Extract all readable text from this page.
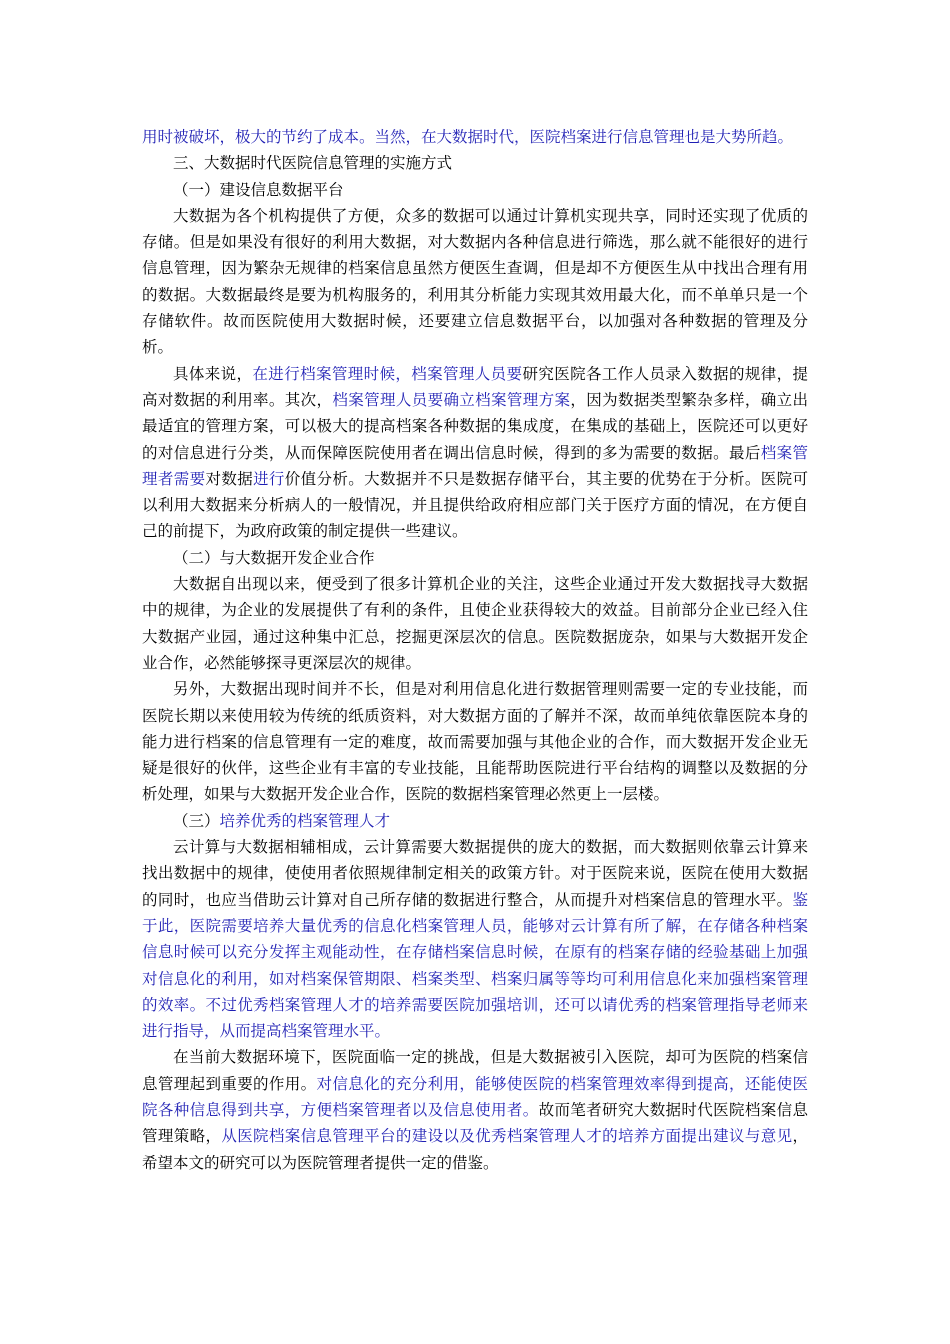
用时被破坏，极大的节约了成本。当然，在大数据时代，医院档案进行信息管理也是大势所趋。

三、大数据时代医院信息管理的实施方式

（一）建设信息数据平台

大数据为各个机构提供了方便，众多的数据可以通过计算机实现共享，同时还实现了优质的存储。但是如果没有很好的利用大数据，对大数据内各种信息进行筛选，那么就不能很好的进行信息管理，因为繁杂无规律的档案信息虽然方便医生查调，但是却不方便医生从中找出合理有用的数据。大数据最终是要为机构服务的，利用其分析能力实现其效用最大化，而不单单只是一个存储软件。故而医院使用大数据时候，还要建立信息数据平台，以加强对各种数据的管理及分析。

具体来说，在进行档案管理时候，档案管理人员要研究医院各工作人员录入数据的规律，提高对数据的利用率。其次，档案管理人员要确立档案管理方案，因为数据类型繁杂多样，确立出最适宜的管理方案，可以极大的提高档案各种数据的集成度，在集成的基础上，医院还可以更好的对信息进行分类，从而保障医院使用者在调出信息时候，得到的多为需要的数据。最后档案管理者需要对数据进行价值分析。大数据并不只是数据存储平台，其主要的优势在于分析。医院可以利用大数据来分析病人的一般情况，并且提供给政府相应部门关于医疗方面的情况，在方便自己的前提下，为政府政策的制定提供一些建议。

（二）与大数据开发企业合作

大数据自出现以来，便受到了很多计算机企业的关注，这些企业通过开发大数据找寻大数据中的规律，为企业的发展提供了有利的条件，且使企业获得较大的效益。目前部分企业已经入住大数据产业园，通过这种集中汇总，挖掘更深层次的信息。医院数据庞杂，如果与大数据开发企业合作，必然能够探寻更深层次的规律。

另外，大数据出现时间并不长，但是对利用信息化进行数据管理则需要一定的专业技能，而医院长期以来使用较为传统的纸质资料，对大数据方面的了解并不深，故而单纯依靠医院本身的能力进行档案的信息管理有一定的难度，故而需要加强与其他企业的合作，而大数据开发企业无疑是很好的伙伴，这些企业有丰富的专业技能，且能帮助医院进行平台结构的调整以及数据的分析处理，如果与大数据开发企业合作，医院的数据档案管理必然更上一层楼。

（三）培养优秀的档案管理人才

云计算与大数据相辅相成，云计算需要大数据提供的庞大的数据，而大数据则依靠云计算来找出数据中的规律，使使用者依照规律制定相关的政策方针。对于医院来说，医院在使用大数据的同时，也应当借助云计算对自己所存储的数据进行整合，从而提升对档案信息的管理水平。鉴于此，医院需要培养大量优秀的信息化档案管理人员，能够对云计算有所了解，在存储各种档案信息时候可以充分发挥主观能动性，在存储档案信息时候，在原有的档案存储的经验基础上加强对信息化的利用，如对档案保管期限、档案类型、档案归属等等均可利用信息化来加强档案管理的效率。不过优秀档案管理人才的培养需要医院加强培训，还可以请优秀的档案管理指导老师来进行指导，从而提高档案管理水平。

在当前大数据环境下，医院面临一定的挑战，但是大数据被引入医院，却可为医院的档案信息管理起到重要的作用。对信息化的充分利用，能够使医院的档案管理效率得到提高，还能使医院各种信息得到共享，方便档案管理者以及信息使用者。故而笔者研究大数据时代医院档案信息管理策略，从医院档案信息管理平台的建设以及优秀档案管理人才的培养方面提出建议与意见，希望本文的研究可以为医院管理者提供一定的借鉴。
